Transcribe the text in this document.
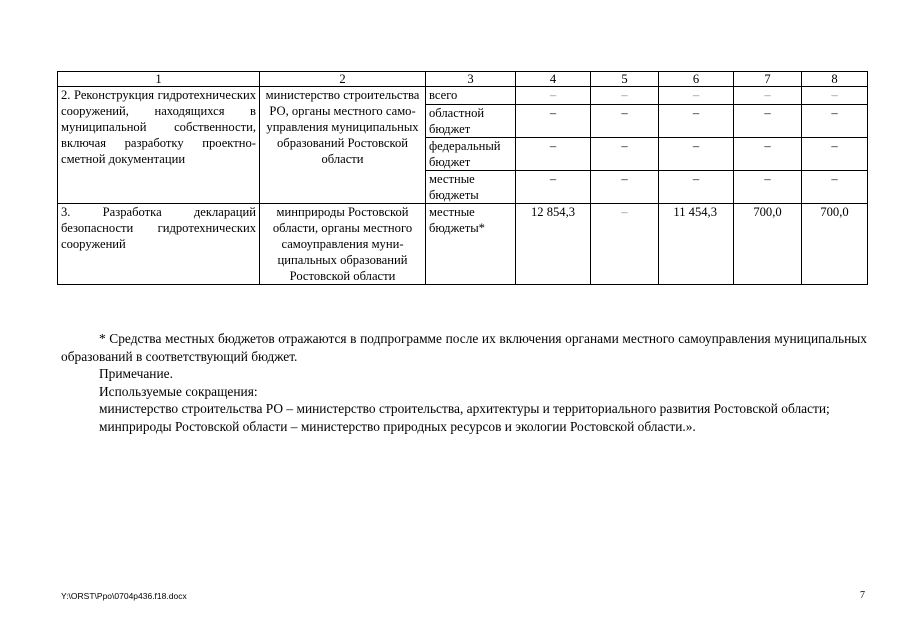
1	2	3	4	5	6	7	8
2. Реконструкция гидротехнических сооружений, находящихся в муниципальной собственности, включая разработку проектно-сметной документации	министерство строительства РО, органы местного самоуправления муниципальных образований Ростовской области	всего	–	–	–	–	–
		областной бюджет	–	–	–	–	–
		федеральный бюджет	–	–	–	–	–
		местные бюджеты	–	–	–	–	–
3. Разработка деклараций безопасности гидротехнических сооружений	минприроды Ростовской области, органы местного самоуправления муниципальных образований Ростовской области	местные бюджеты*	12 854,3	–	11 454,3	700,0	700,0

* Средства местных бюджетов отражаются в подпрограмме после их включения органами местного самоуправления муниципальных образований в соответствующий бюджет.

Примечание.

Используемые сокращения:

министерство строительства РО – министерство строительства, архитектуры и территориального развития Ростовской области;

минприроды Ростовской области – министерство природных ресурсов и экологии Ростовской области.».

Y:\ORST\Ppo\0704p436.f18.docx	7
